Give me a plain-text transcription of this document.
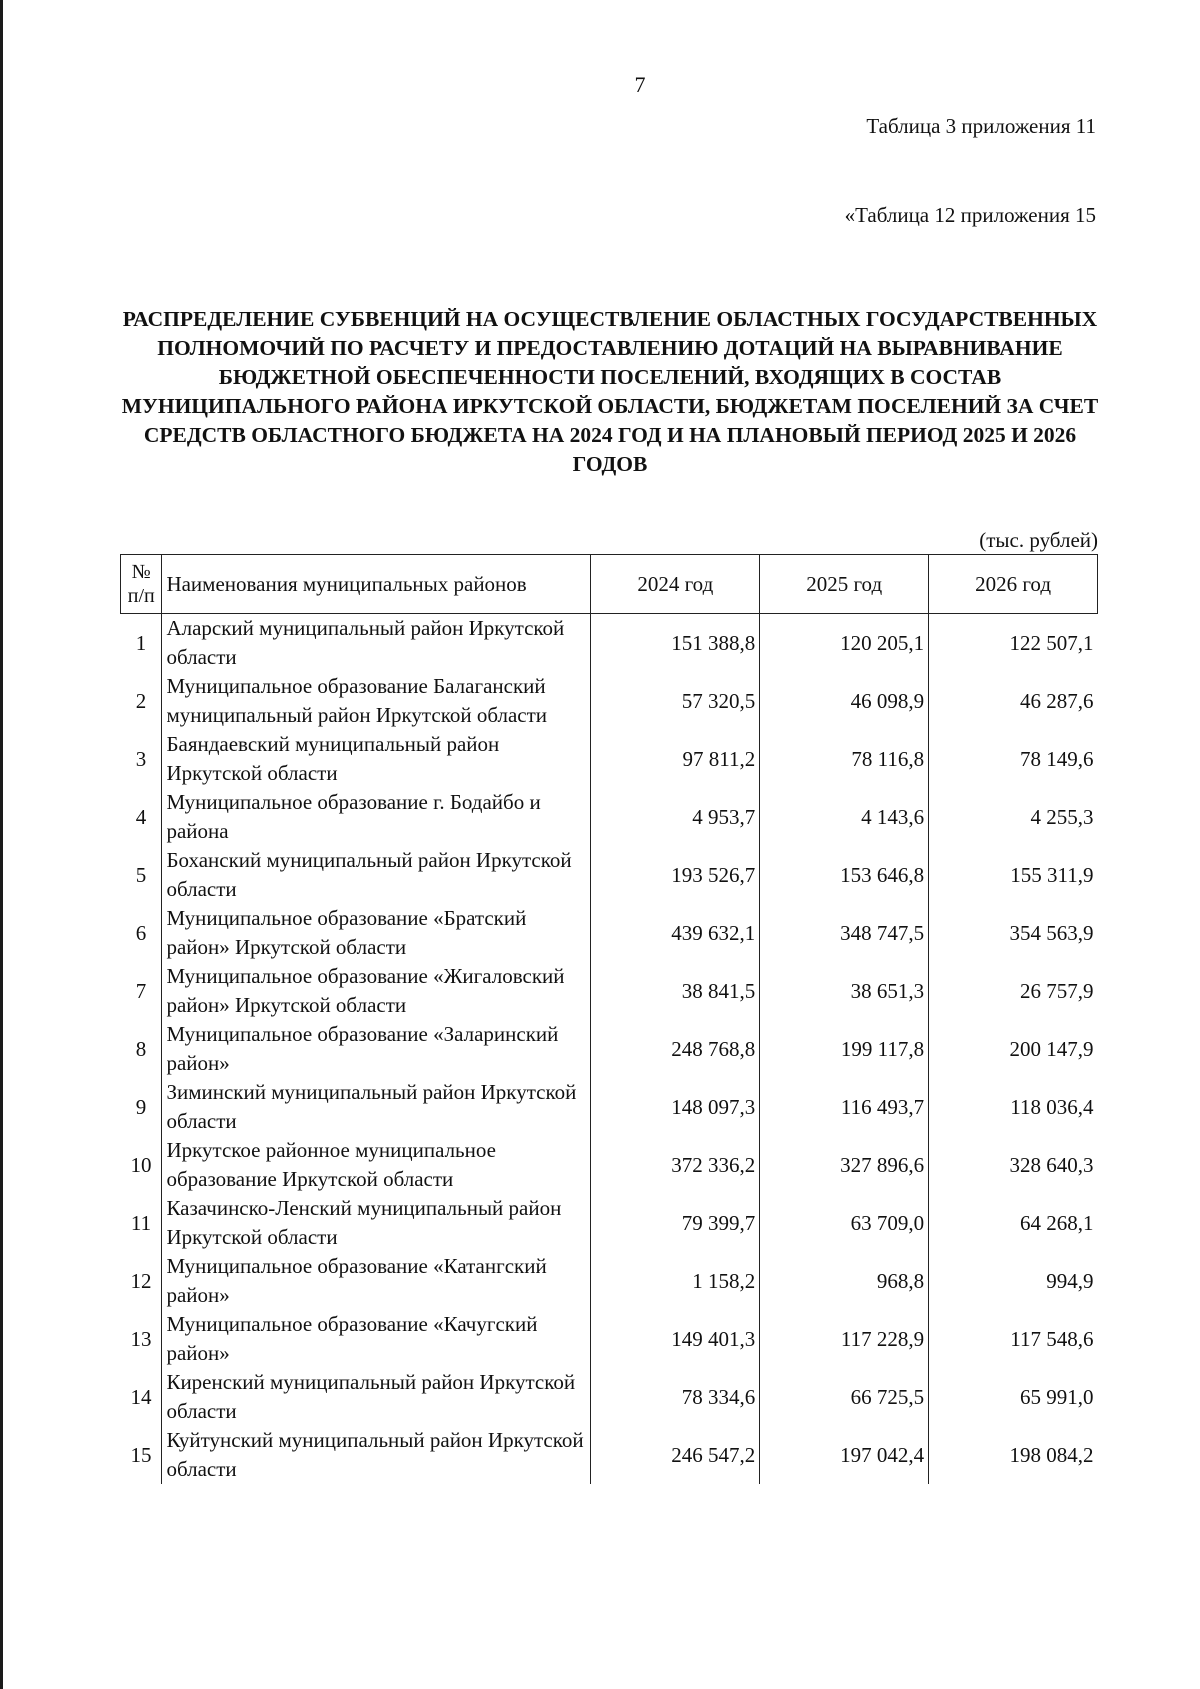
7
Таблица 3 приложения 11
«Таблица 12 приложения 15
РАСПРЕДЕЛЕНИЕ СУБВЕНЦИЙ НА ОСУЩЕСТВЛЕНИЕ ОБЛАСТНЫХ ГОСУДАРСТВЕННЫХ ПОЛНОМОЧИЙ ПО РАСЧЕТУ И ПРЕДОСТАВЛЕНИЮ ДОТАЦИЙ НА ВЫРАВНИВАНИЕ БЮДЖЕТНОЙ ОБЕСПЕЧЕННОСТИ ПОСЕЛЕНИЙ, ВХОДЯЩИХ В СОСТАВ МУНИЦИПАЛЬНОГО РАЙОНА ИРКУТСКОЙ ОБЛАСТИ, БЮДЖЕТАМ ПОСЕЛЕНИЙ ЗА СЧЕТ СРЕДСТВ ОБЛАСТНОГО БЮДЖЕТА НА 2024 ГОД И НА ПЛАНОВЫЙ ПЕРИОД 2025 И 2026 ГОДОВ
(тыс. рублей)
№ п/п	Наименования муниципальных районов	2024 год	2025 год	2026 год
1	Аларский муниципальный район Иркутской области	151 388,8	120 205,1	122 507,1
2	Муниципальное образование Балаганский муниципальный район Иркутской области	57 320,5	46 098,9	46 287,6
3	Баяндаевский муниципальный район Иркутской области	97 811,2	78 116,8	78 149,6
4	Муниципальное образование г. Бодайбо и района	4 953,7	4 143,6	4 255,3
5	Боханский муниципальный район Иркутской области	193 526,7	153 646,8	155 311,9
6	Муниципальное образование «Братский район» Иркутской области	439 632,1	348 747,5	354 563,9
7	Муниципальное образование «Жигаловский район» Иркутской области	38 841,5	38 651,3	26 757,9
8	Муниципальное образование «Заларинский район»	248 768,8	199 117,8	200 147,9
9	Зиминский муниципальный район Иркутской области	148 097,3	116 493,7	118 036,4
10	Иркутское районное муниципальное образование Иркутской области	372 336,2	327 896,6	328 640,3
11	Казачинско-Ленский муниципальный район Иркутской области	79 399,7	63 709,0	64 268,1
12	Муниципальное образование «Катангский район»	1 158,2	968,8	994,9
13	Муниципальное образование «Качугский район»	149 401,3	117 228,9	117 548,6
14	Киренский муниципальный район Иркутской области	78 334,6	66 725,5	65 991,0
15	Куйтунский муниципальный район Иркутской области	246 547,2	197 042,4	198 084,2
